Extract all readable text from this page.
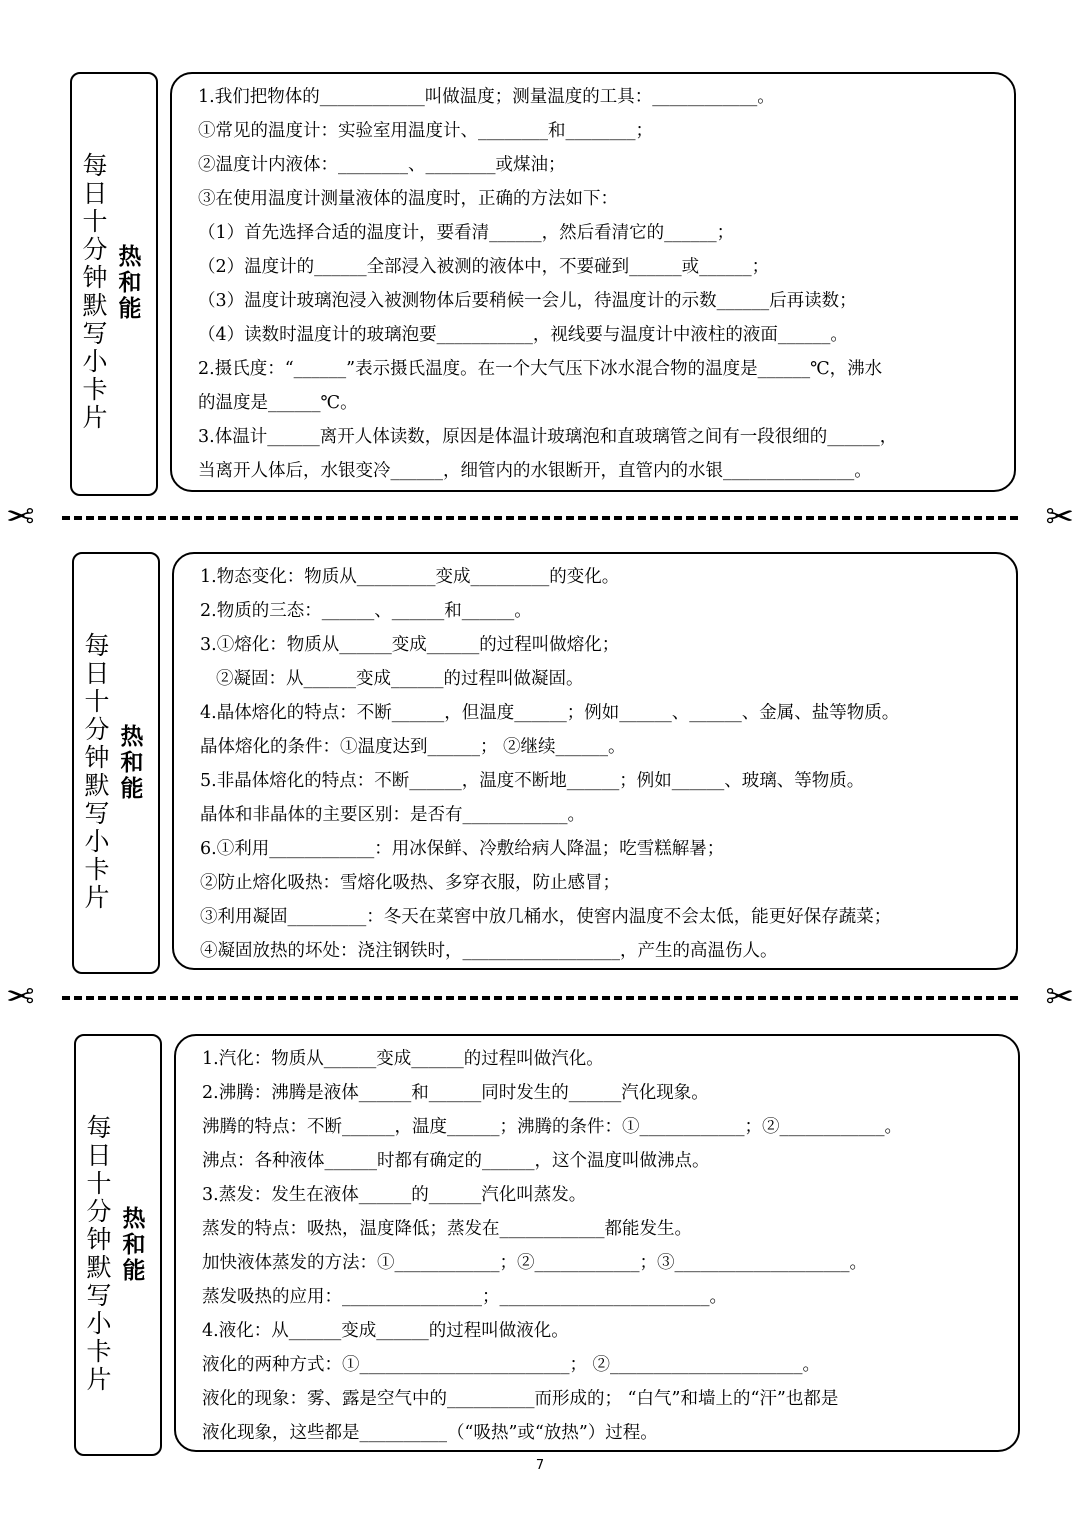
每日十分钟默写小卡片
热和能
1.我们把物体的____________叫做温度；测量温度的工具：____________。
①常见的温度计：实验室用温度计、________和________；
②温度计内液体：________、________或煤油；
③在使用温度计测量液体的温度时，正确的方法如下：
（1）首先选择合适的温度计，要看清______，然后看清它的______；
（2）温度计的______全部浸入被测的液体中，不要碰到______或______；
（3）温度计玻璃泡浸入被测物体后要稍候一会儿，待温度计的示数______后再读数；
（4）读数时温度计的玻璃泡要___________，视线要与温度计中液柱的液面______。
2.摄氏度：“______”表示摄氏温度。在一个大气压下冰水混合物的温度是______℃，沸水
的温度是______℃。
3.体温计______离开人体读数，原因是体温计玻璃泡和直玻璃管之间有一段很细的______，
当离开人体后，水银变冷______，细管内的水银断开，直管内的水银_______________。
✂	✂
每日十分钟默写小卡片
热和能
1.物态变化：物质从_________变成_________的变化。
2.物质的三态：______、______和______。
3.①熔化：物质从______变成______的过程叫做熔化；
②凝固：从______变成______的过程叫做凝固。
4.晶体熔化的特点：不断______，但温度______；例如______、______、金属、盐等物质。
晶体熔化的条件：①温度达到______； ②继续______。
5.非晶体熔化的特点：不断______，温度不断地______；例如______、玻璃、等物质。
晶体和非晶体的主要区别：是否有____________。
6.①利用____________：用冰保鲜、冷敷给病人降温；吃雪糕解暑；
②防止熔化吸热：雪熔化吸热、多穿衣服，防止感冒；
③利用凝固_________：冬天在菜窖中放几桶水，使窖内温度不会太低，能更好保存蔬菜；
④凝固放热的坏处：浇注钢铁时，__________________，产生的高温伤人。
✂	✂
每日十分钟默写小卡片
热和能
1.汽化：物质从______变成______的过程叫做汽化。
2.沸腾：沸腾是液体______和______同时发生的______汽化现象。
沸腾的特点：不断______，温度______；沸腾的条件：①____________；②____________。
沸点：各种液体______时都有确定的______，这个温度叫做沸点。
3.蒸发：发生在液体______的______汽化叫蒸发。
蒸发的特点：吸热，温度降低；蒸发在____________都能发生。
加快液体蒸发的方法：①____________；②____________；③____________________。
蒸发吸热的应用：________________；________________________。
4.液化：从______变成______的过程叫做液化。
液化的两种方式：①________________________； ②______________________。
液化的现象：雾、露是空气中的__________而形成的； “白气”和墙上的“汗”也都是
液化现象，这些都是__________（“吸热”或“放热”）过程。
7
